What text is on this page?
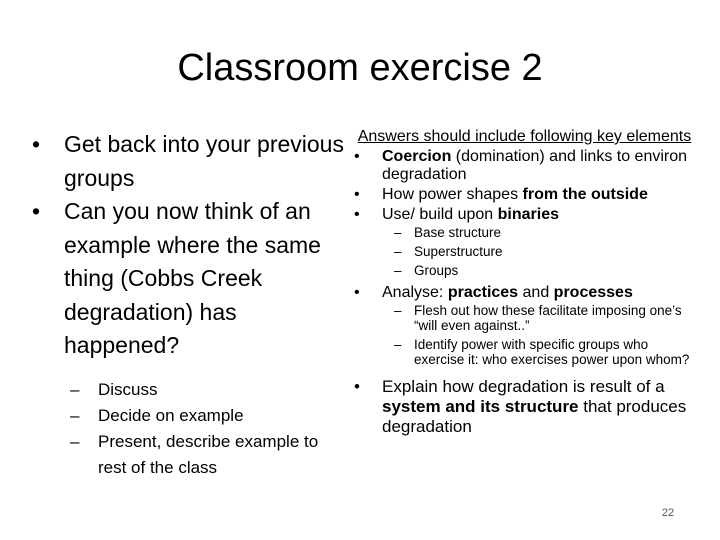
Classroom exercise 2
• Get back into your previous groups
• Can you now think of an example where the same thing (Cobbs Creek degradation) has happened?
– Discuss
– Decide on example
– Present, describe example to rest of the class
Answers should include following key elements
• Coercion (domination) and links to environ degradation
• How power shapes from the outside
• Use/ build upon binaries
– Base structure
– Superstructure
– Groups
• Analyse: practices and processes
– Flesh out how these facilitate imposing one’s “will even against..”
– Identify power with specific groups who exercise it: who exercises power upon whom?
• Explain how degradation is result of a system and its structure that produces degradation
22
